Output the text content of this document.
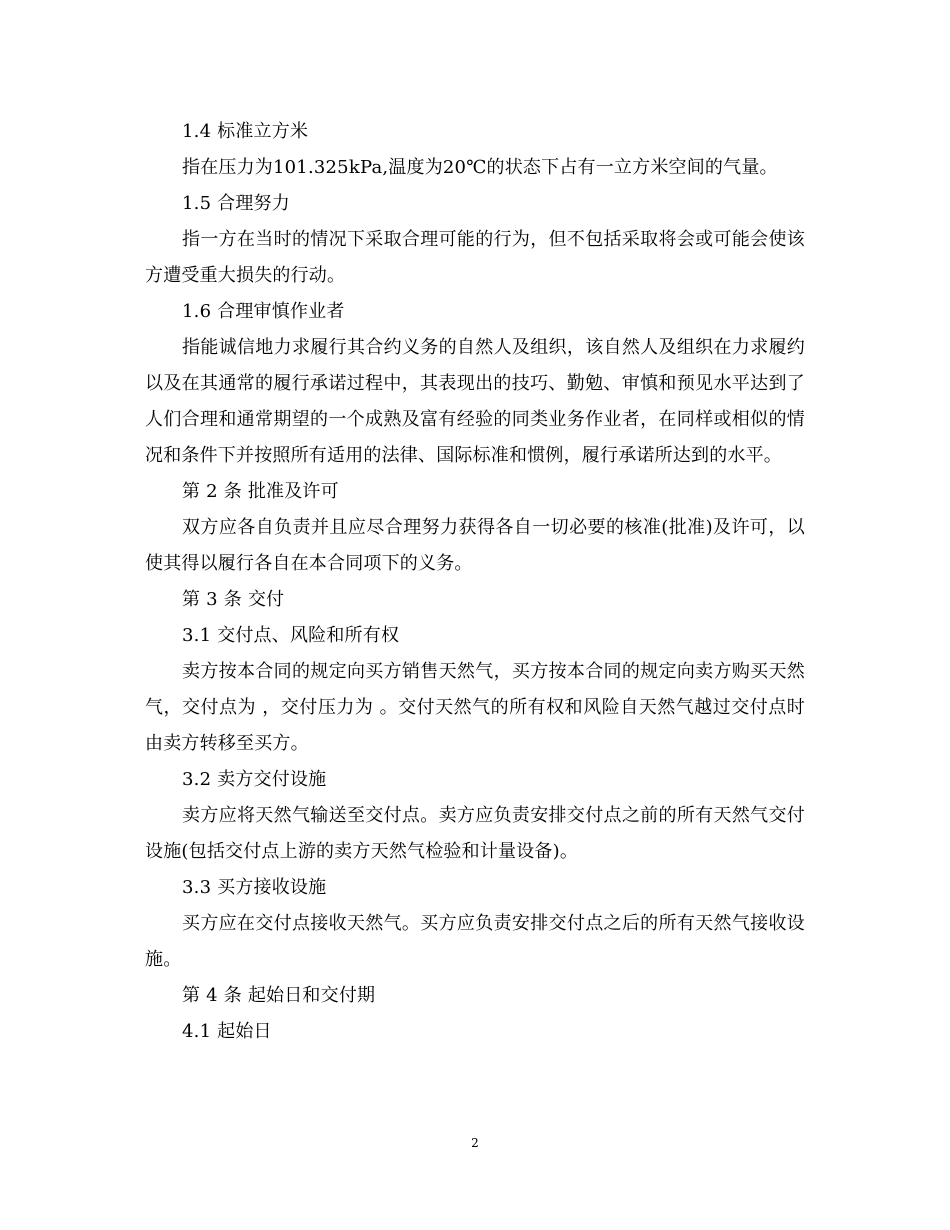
1.4 标准立方米
指在压力为101.325kPa,温度为20℃的状态下占有一立方米空间的气量。
1.5 合理努力
指一方在当时的情况下采取合理可能的行为，但不包括采取将会或可能会使该方遭受重大损失的行动。
1.6 合理审慎作业者
指能诚信地力求履行其合约义务的自然人及组织，该自然人及组织在力求履约以及在其通常的履行承诺过程中，其表现出的技巧、勤勉、审慎和预见水平达到了人们合理和通常期望的一个成熟及富有经验的同类业务作业者，在同样或相似的情况和条件下并按照所有适用的法律、国际标准和惯例，履行承诺所达到的水平。
第 2 条 批准及许可
双方应各自负责并且应尽合理努力获得各自一切必要的核准(批准)及许可，以使其得以履行各自在本合同项下的义务。
第 3 条 交付
3.1 交付点、风险和所有权
卖方按本合同的规定向买方销售天然气，买方按本合同的规定向卖方购买天然气，交付点为 ，交付压力为 。交付天然气的所有权和风险自天然气越过交付点时由卖方转移至买方。
3.2 卖方交付设施
卖方应将天然气输送至交付点。卖方应负责安排交付点之前的所有天然气交付设施(包括交付点上游的卖方天然气检验和计量设备)。
3.3 买方接收设施
买方应在交付点接收天然气。买方应负责安排交付点之后的所有天然气接收设施。
第 4 条 起始日和交付期
4.1 起始日
2
